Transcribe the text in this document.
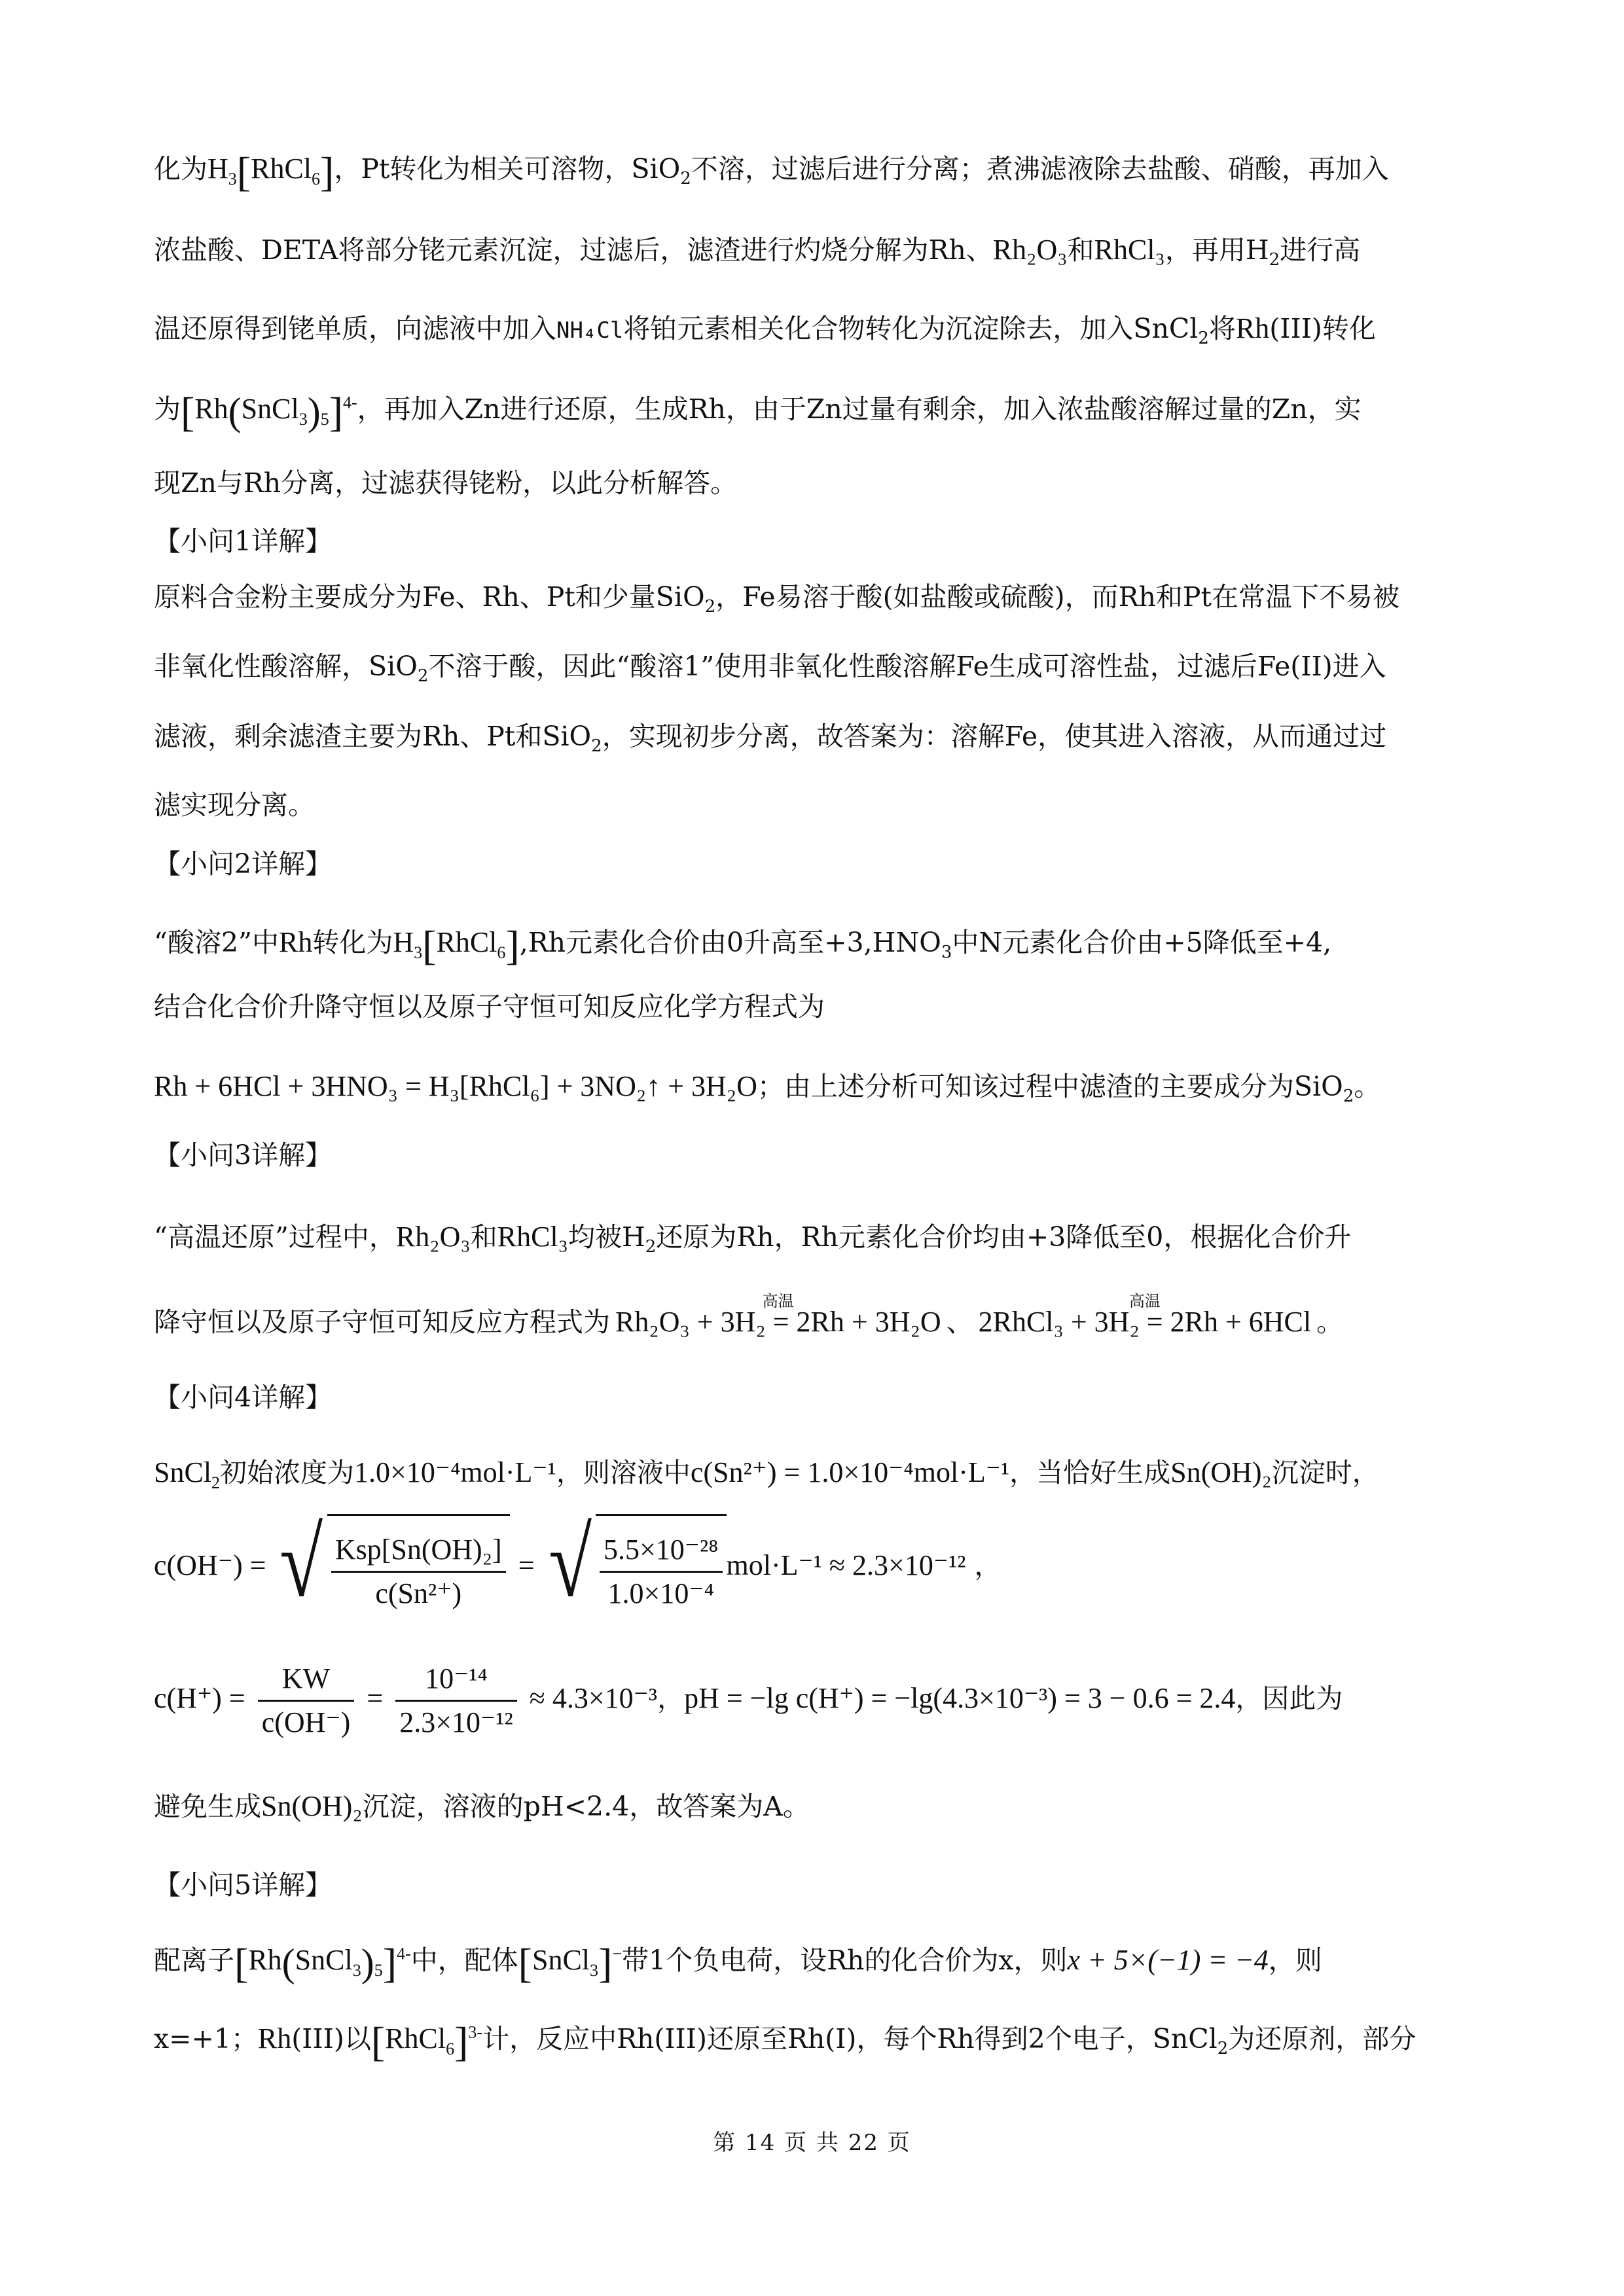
化为$H_3[RhCl_6]$，Pt转化为相关可溶物，SiO$_2$不溶，过滤后进行分离；煮沸滤液除去盐酸、硝酸，再加入
浓盐酸、DETA将部分铑元素沉淀，过滤后，滤渣进行灼烧分解为Rh、Rh₂O₃和RhCl₃，再用$H_2$进行高
温还原得到铑单质，向滤液中加入NH₄Cl将铂元素相关化合物转化为沉淀除去，加入SnCl$_2$将Rh(III)转化
为$[Rh(SnCl_3)_5]^{4-}$，再加入Zn进行还原，生成Rh，由于Zn过量有剩余，加入浓盐酸溶解过量的Zn，实
现Zn与Rh分离，过滤获得铑粉，以此分析解答。
【小问1详解】
原料合金粉主要成分为Fe、Rh、Pt和少量SiO$_2$，Fe易溶于酸(如盐酸或硫酸)，而Rh和Pt在常温下不易被
非氧化性酸溶解，SiO$_2$不溶于酸，因此“酸溶1”使用非氧化性酸溶解Fe生成可溶性盐，过滤后Fe(II)进入
滤液，剩余滤渣主要为Rh、Pt和SiO$_2$，实现初步分离，故答案为：溶解Fe，使其进入溶液，从而通过过
滤实现分离。
【小问2详解】
“酸溶2”中Rh转化为$H_3[RhCl_6],Rh$元素化合价由0升高至$+3,HNO_3$中N元素化合价由+5降低至+4,
结合化合价升降守恒以及原子守恒可知反应化学方程式为
Rh + 6HCl + 3HNO₃ = H₃[RhCl₆] + 3NO₂↑ + 3H₂O；由上述分析可知该过程中滤渣的主要成分为SiO$_2$。
【小问3详解】
“高温还原”过程中，Rh₂O₃和RhCl₃均被$H_2$还原为Rh，Rh元素化合价均由+3降低至0，根据化合价升
降守恒以及原子守恒可知反应方程式为
高温
Rh₂O₃ + 3H₂ = 2Rh + 3H₂O 、
高温
2RhCl₃ + 3H₂ = 2Rh + 6HCl 。
【小问4详解】
SnCl$_2$初始浓度为1.0×10⁻⁴mol·L⁻¹，则溶液中c(Sn²⁺) = 1.0×10⁻⁴mol·L⁻¹，当恰好生成Sn(OH)₂沉淀时，
c(OH⁻) = √ $\frac{\text{Ksp[Sn(OH)₂]}}{\text{c(Sn²⁺)}}$ = √ $\frac{\text{5.5×10⁻²⁸}}{\text{1.0×10⁻⁴}} mol\cdot L^{-1} \approx 2.3\times 10^{-12}$ ，
$c(H^+) = \frac{KW}{c(OH^-)} = \frac{\text{10⁻¹⁴}}{\text{2.3×10⁻¹²}} \approx 4.3\times 10^{-3}$，pH = −lg c(H⁺) = −lg(4.3×10⁻³) = 3 − 0.6 = 2.4，因此为
避免生成Sn(OH)₂沉淀，溶液的pH<2.4，故答案为A。
【小问5详解】
配离子$[Rh(SnCl_3)_5]^{4-}$中，配体[SnCl$_3$]−带1个负电荷，设Rh的化合价为x，则x + 5×(−1) = −4，则
x=+1；Rh(III)以[RhCl$_6$]$^{3-}$计，反应中Rh(III)还原至Rh(I)，每个Rh得到2个电子，SnCl$_2$为还原剂，部分
第 14 页 共 22 页
